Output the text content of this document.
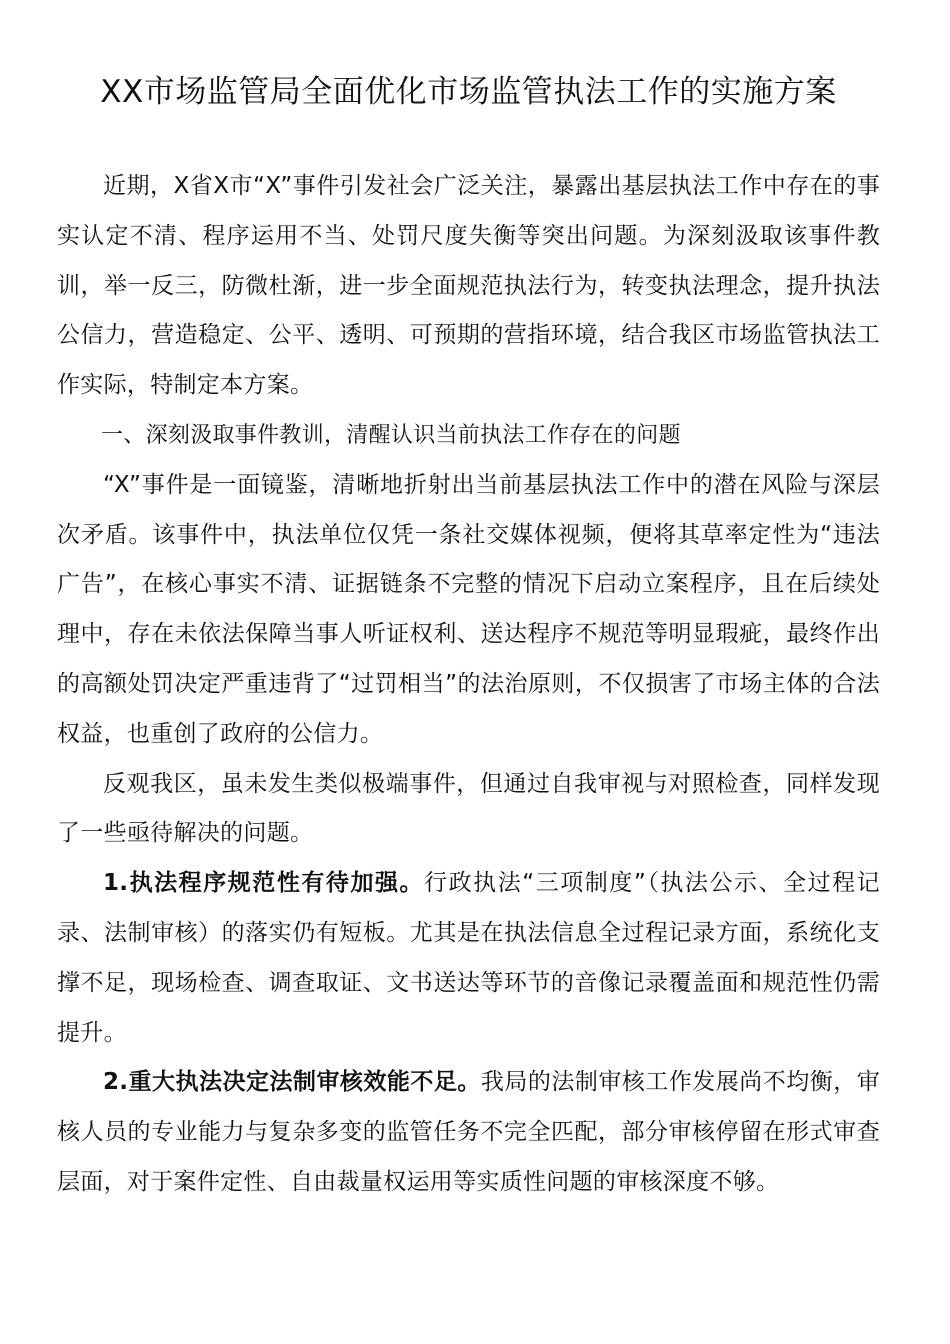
XX市场监管局全面优化市场监管执法工作的实施方案

近期，X省X市“X”事件引发社会广泛关注，暴露出基层执法工作中存在的事实认定不清、程序运用不当、处罚尺度失衡等突出问题。为深刻汲取该事件教训，举一反三，防微杜渐，进一步全面规范执法行为，转变执法理念，提升执法公信力，营造稳定、公平、透明、可预期的营指环境，结合我区市场监管执法工作实际，特制定本方案。

一、深刻汲取事件教训，清醒认识当前执法工作存在的问题

“X”事件是一面镜鉴，清晰地折射出当前基层执法工作中的潜在风险与深层次矛盾。该事件中，执法单位仅凭一条社交媒体视频，便将其草率定性为“违法广告”，在核心事实不清、证据链条不完整的情况下启动立案程序，且在后续处理中，存在未依法保障当事人听证权利、送达程序不规范等明显瑕疵，最终作出的高额处罚决定严重违背了“过罚相当”的法治原则，不仅损害了市场主体的合法权益，也重创了政府的公信力。

反观我区，虽未发生类似极端事件，但通过自我审视与对照检查，同样发现了一些亟待解决的问题。

1.执法程序规范性有待加强。行政执法“三项制度”（执法公示、全过程记录、法制审核）的落实仍有短板。尤其是在执法信息全过程记录方面，系统化支撑不足，现场检查、调查取证、文书送达等环节的音像记录覆盖面和规范性仍需提升。

2.重大执法决定法制审核效能不足。我局的法制审核工作发展尚不均衡，审核人员的专业能力与复杂多变的监管任务不完全匹配，部分审核停留在形式审查层面，对于案件定性、自由裁量权运用等实质性问题的审核深度不够。
